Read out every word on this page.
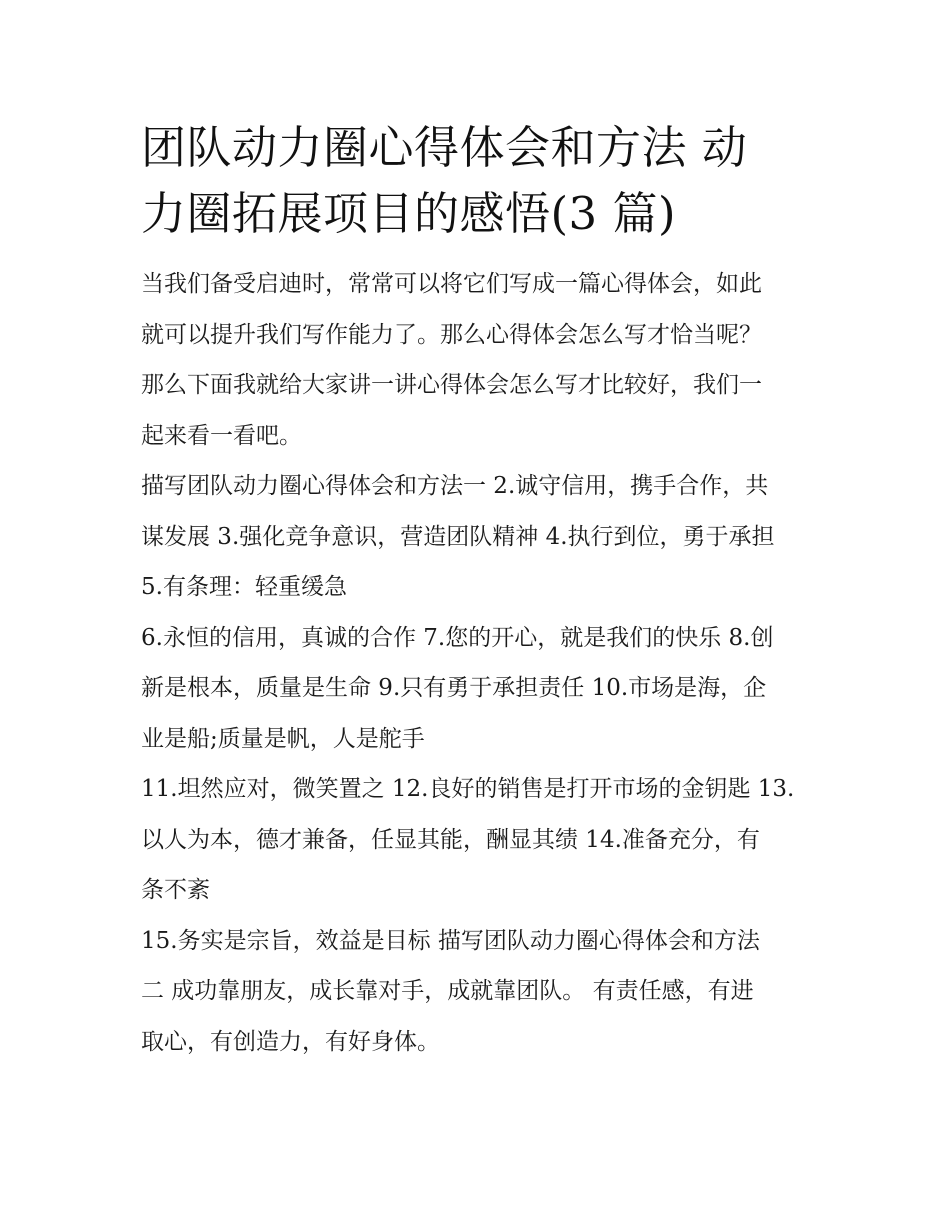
团队动力圈心得体会和方法 动
力圈拓展项目的感悟(3 篇)

当我们备受启迪时，常常可以将它们写成一篇心得体会，如此
就可以提升我们写作能力了。那么心得体会怎么写才恰当呢？
那么下面我就给大家讲一讲心得体会怎么写才比较好，我们一
起来看一看吧。

描写团队动力圈心得体会和方法一 2.诚守信用，携手合作，共
谋发展 3.强化竞争意识，营造团队精神 4.执行到位，勇于承担
5.有条理：轻重缓急

6.永恒的信用，真诚的合作 7.您的开心，就是我们的快乐 8.创
新是根本，质量是生命 9.只有勇于承担责任 10.市场是海，企
业是船;质量是帆，人是舵手

11.坦然应对，微笑置之 12.良好的销售是打开市场的金钥匙 13.
以人为本，德才兼备，任显其能，酬显其绩 14.准备充分，有
条不紊

15.务实是宗旨，效益是目标 描写团队动力圈心得体会和方法
二 成功靠朋友，成长靠对手，成就靠团队。 有责任感，有进
取心，有创造力，有好身体。
